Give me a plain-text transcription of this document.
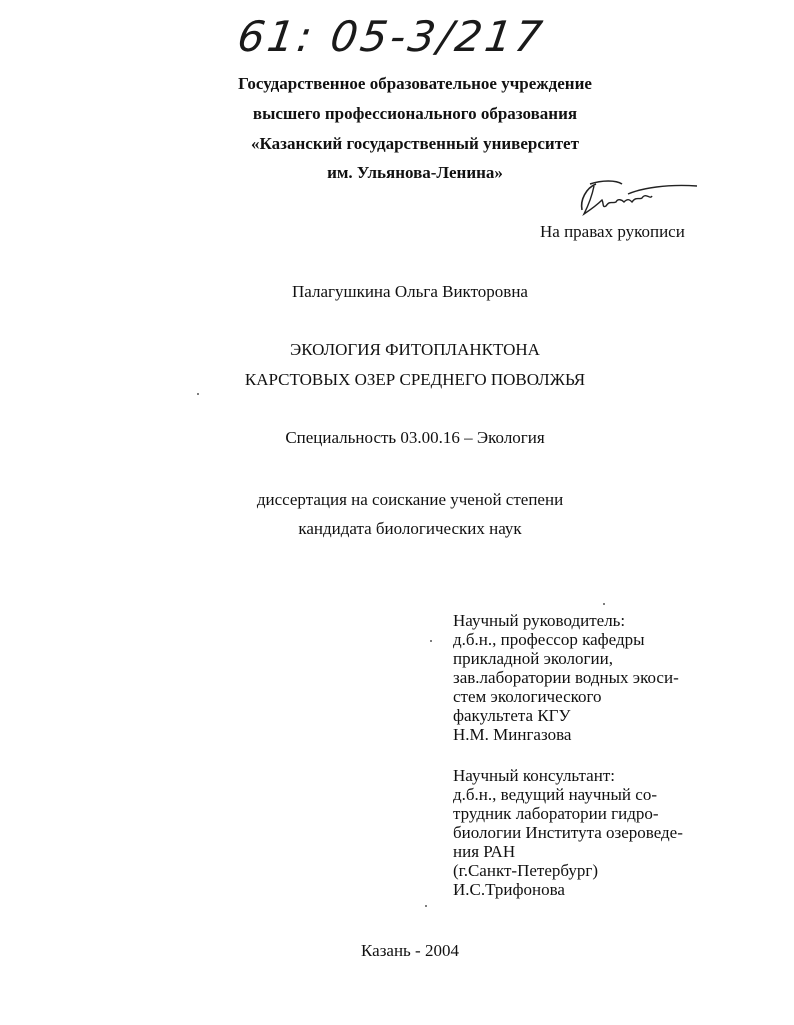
61: 05-3/217
Государственное образовательное учреждение
высшего профессионального образования
«Казанский государственный университет
им. Ульянова-Ленина»
На правах рукописи
Палагушкина Ольга Викторовна
ЭКОЛОГИЯ ФИТОПЛАНКТОНА
КАРСТОВЫХ ОЗЕР СРЕДНЕГО ПОВОЛЖЬЯ
Специальность 03.00.16 – Экология
диссертация на соискание ученой степени
кандидата биологических наук
Научный руководитель:
д.б.н., профессор кафедры
прикладной экологии,
зав.лаборатории водных экоси-
стем экологического
факультета КГУ
Н.М. Мингазова
Научный консультант:
д.б.н., ведущий научный со-
трудник лаборатории гидро-
биологии Института озероведе-
ния РАН
(г.Санкт-Петербург)
И.С.Трифонова
Казань - 2004
